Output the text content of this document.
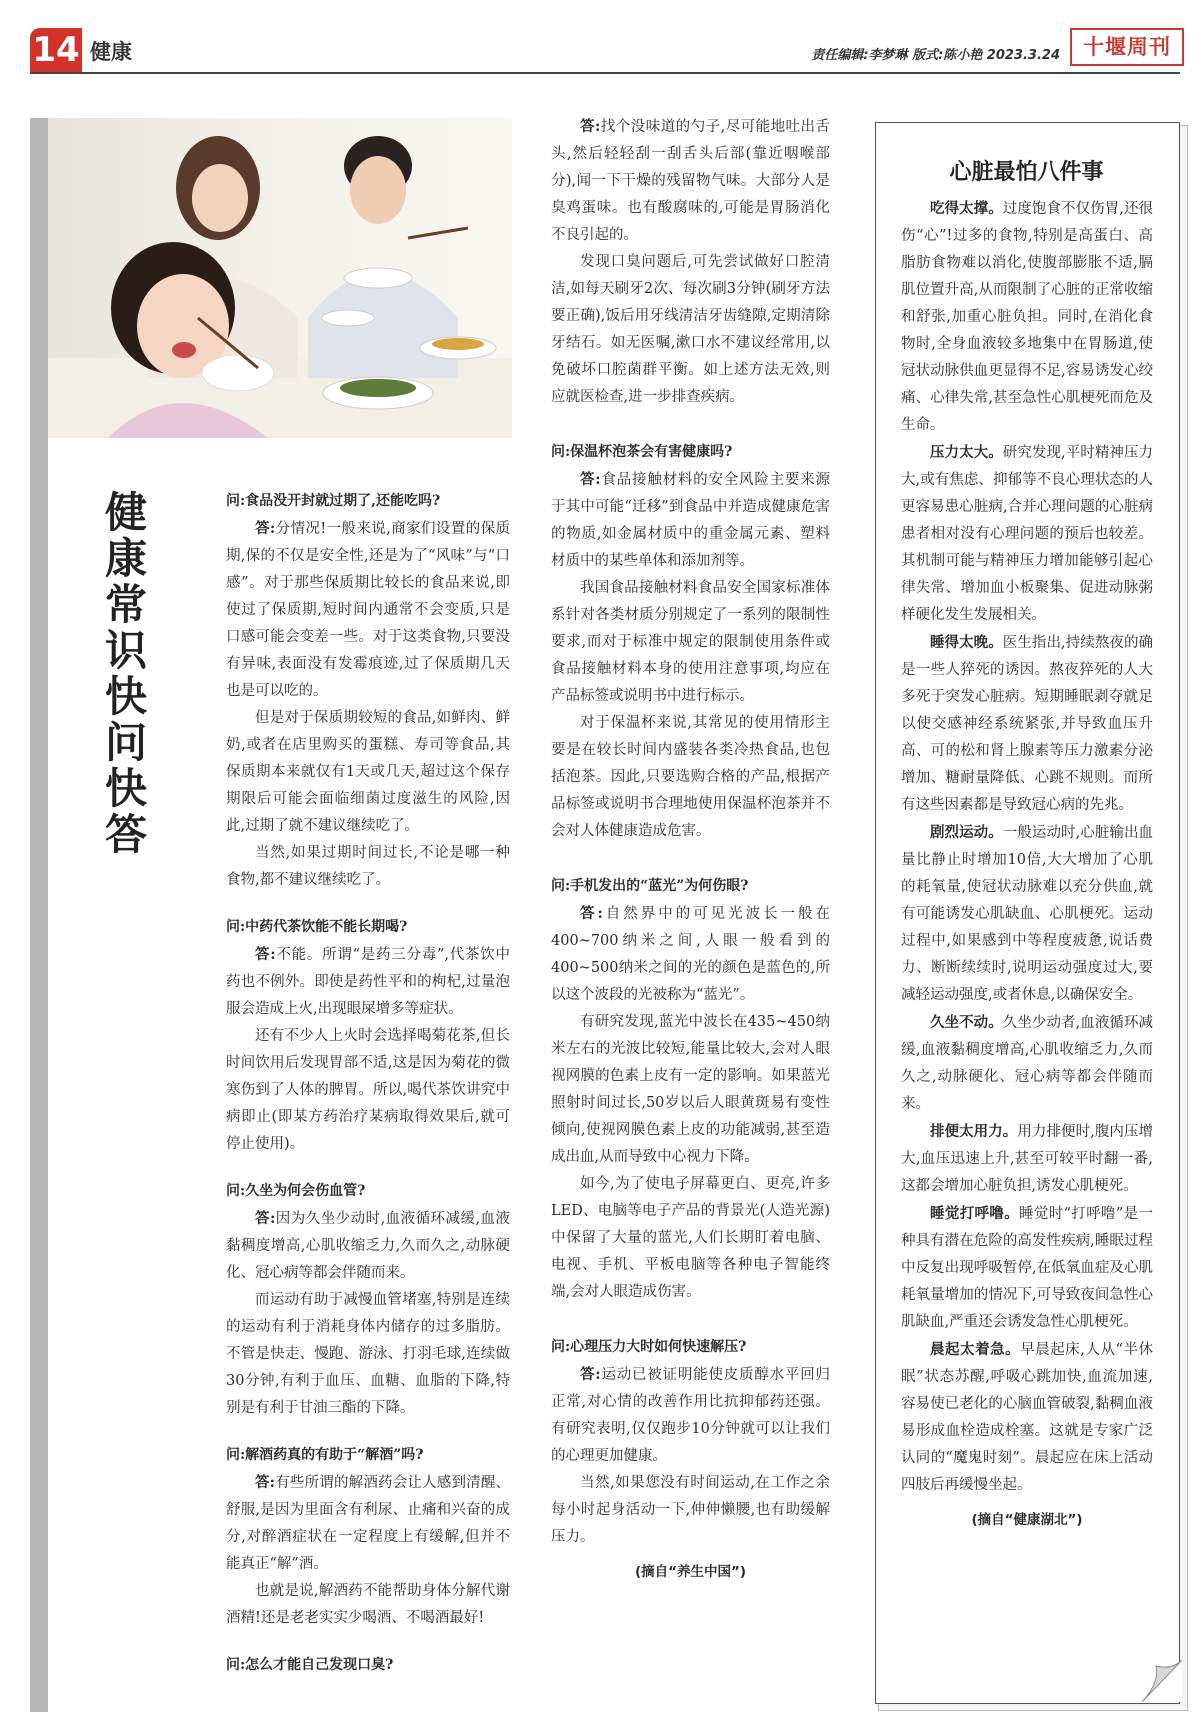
14 健康	责任编辑:李梦琳 版式:陈小艳 2023.3.24	十堰周刊
健康常识快问快答
问:食品没开封就过期了,还能吃吗?

答:分情况!一般来说,商家们设置的保质期,保的不仅是安全性,还是为了“风味”与“口感”。对于那些保质期比较长的食品来说,即使过了保质期,短时间内通常不会变质,只是口感可能会变差一些。对于这类食物,只要没有异味,表面没有发霉痕迹,过了保质期几天也是可以吃的。

但是对于保质期较短的食品,如鲜肉、鲜奶,或者在店里购买的蛋糕、寿司等食品,其保质期本来就仅有1天或几天,超过这个保存期限后可能会面临细菌过度滋生的风险,因此,过期了就不建议继续吃了。

当然,如果过期时间过长,不论是哪一种食物,都不建议继续吃了。

问:中药代茶饮能不能长期喝?

答:不能。所谓“是药三分毒”,代茶饮中药也不例外。即使是药性平和的枸杞,过量泡服会造成上火,出现眼屎增多等症状。

还有不少人上火时会选择喝菊花茶,但长时间饮用后发现胃部不适,这是因为菊花的微寒伤到了人体的脾胃。所以,喝代茶饮讲究中病即止(即某方药治疗某病取得效果后,就可停止使用)。

问:久坐为何会伤血管?

答:因为久坐少动时,血液循环减缓,血液黏稠度增高,心肌收缩乏力,久而久之,动脉硬化、冠心病等都会伴随而来。

而运动有助于减慢血管堵塞,特别是连续的运动有利于消耗身体内储存的过多脂肪。不管是快走、慢跑、游泳、打羽毛球,连续做30分钟,有利于血压、血糖、血脂的下降,特别是有利于甘油三酯的下降。

问:解酒药真的有助于“解酒”吗?

答:有些所谓的解酒药会让人感到清醒、舒服,是因为里面含有利尿、止痛和兴奋的成分,对醉酒症状在一定程度上有缓解,但并不能真正“解”酒。

也就是说,解酒药不能帮助身体分解代谢酒精!还是老老实实少喝酒、不喝酒最好!

问:怎么才能自己发现口臭?

答:找个没味道的勺子,尽可能地吐出舌头,然后轻轻刮一刮舌头后部(靠近咽喉部分),闻一下干燥的残留物气味。大部分人是臭鸡蛋味。也有酸腐味的,可能是胃肠消化不良引起的。

发现口臭问题后,可先尝试做好口腔清洁,如每天刷牙2次、每次刷3分钟(刷牙方法要正确),饭后用牙线清洁牙齿缝隙,定期清除牙结石。如无医嘱,漱口水不建议经常用,以免破坏口腔菌群平衡。如上述方法无效,则应就医检查,进一步排查疾病。

问:保温杯泡茶会有害健康吗?

答:食品接触材料的安全风险主要来源于其中可能“迁移”到食品中并造成健康危害的物质,如金属材质中的重金属元素、塑料材质中的某些单体和添加剂等。

我国食品接触材料食品安全国家标准体系针对各类材质分别规定了一系列的限制性要求,而对于标准中规定的限制使用条件或食品接触材料本身的使用注意事项,均应在产品标签或说明书中进行标示。

对于保温杯来说,其常见的使用情形主要是在较长时间内盛装各类冷热食品,也包括泡茶。因此,只要选购合格的产品,根据产品标签或说明书合理地使用保温杯泡茶并不会对人体健康造成危害。

问:手机发出的“蓝光”为何伤眼?

答:自然界中的可见光波长一般在400~700纳米之间,人眼一般看到的400~500纳米之间的光的颜色是蓝色的,所以这个波段的光被称为“蓝光”。

有研究发现,蓝光中波长在435~450纳米左右的光波比较短,能量比较大,会对人眼视网膜的色素上皮有一定的影响。如果蓝光照射时间过长,50岁以后人眼黄斑易有变性倾向,使视网膜色素上皮的功能减弱,甚至造成出血,从而导致中心视力下降。

如今,为了使电子屏幕更白、更亮,许多LED、电脑等电子产品的背景光(人造光源)中保留了大量的蓝光,人们长期盯着电脑、电视、手机、平板电脑等各种电子智能终端,会对人眼造成伤害。

问:心理压力大时如何快速解压?

答:运动已被证明能使皮质醇水平回归正常,对心情的改善作用比抗抑郁药还强。有研究表明,仅仅跑步10分钟就可以让我们的心理更加健康。

当然,如果您没有时间运动,在工作之余每小时起身活动一下,伸伸懒腰,也有助缓解压力。

(摘自“养生中国”)
心脏最怕八件事

吃得太撑。过度饱食不仅伤胃,还很伤“心”!过多的食物,特别是高蛋白、高脂肪食物难以消化,使腹部膨胀不适,膈肌位置升高,从而限制了心脏的正常收缩和舒张,加重心脏负担。同时,在消化食物时,全身血液较多地集中在胃肠道,使冠状动脉供血更显得不足,容易诱发心绞痛、心律失常,甚至急性心肌梗死而危及生命。

压力太大。研究发现,平时精神压力大,或有焦虑、抑郁等不良心理状态的人更容易患心脏病,合并心理问题的心脏病患者相对没有心理问题的预后也较差。其机制可能与精神压力增加能够引起心律失常、增加血小板聚集、促进动脉粥样硬化发生发展相关。

睡得太晚。医生指出,持续熬夜的确是一些人猝死的诱因。熬夜猝死的人大多死于突发心脏病。短期睡眠剥夺就足以使交感神经系统紧张,并导致血压升高、可的松和肾上腺素等压力激素分泌增加、糖耐量降低、心跳不规则。而所有这些因素都是导致冠心病的先兆。

剧烈运动。一般运动时,心脏输出血量比静止时增加10倍,大大增加了心肌的耗氧量,使冠状动脉难以充分供血,就有可能诱发心肌缺血、心肌梗死。运动过程中,如果感到中等程度疲惫,说话费力、断断续续时,说明运动强度过大,要减轻运动强度,或者休息,以确保安全。

久坐不动。久坐少动者,血液循环减缓,血液黏稠度增高,心肌收缩乏力,久而久之,动脉硬化、冠心病等都会伴随而来。

排便太用力。用力排便时,腹内压增大,血压迅速上升,甚至可较平时翻一番,这都会增加心脏负担,诱发心肌梗死。

睡觉打呼噜。睡觉时“打呼噜”是一种具有潜在危险的高发性疾病,睡眠过程中反复出现呼吸暂停,在低氧血症及心肌耗氧量增加的情况下,可导致夜间急性心肌缺血,严重还会诱发急性心肌梗死。

晨起太着急。早晨起床,人从“半休眠”状态苏醒,呼吸心跳加快,血流加速,容易使已老化的心脑血管破裂,黏稠血液易形成血栓造成栓塞。这就是专家广泛认同的“魔鬼时刻”。晨起应在床上活动四肢后再缓慢坐起。

(摘自“健康湖北”)
